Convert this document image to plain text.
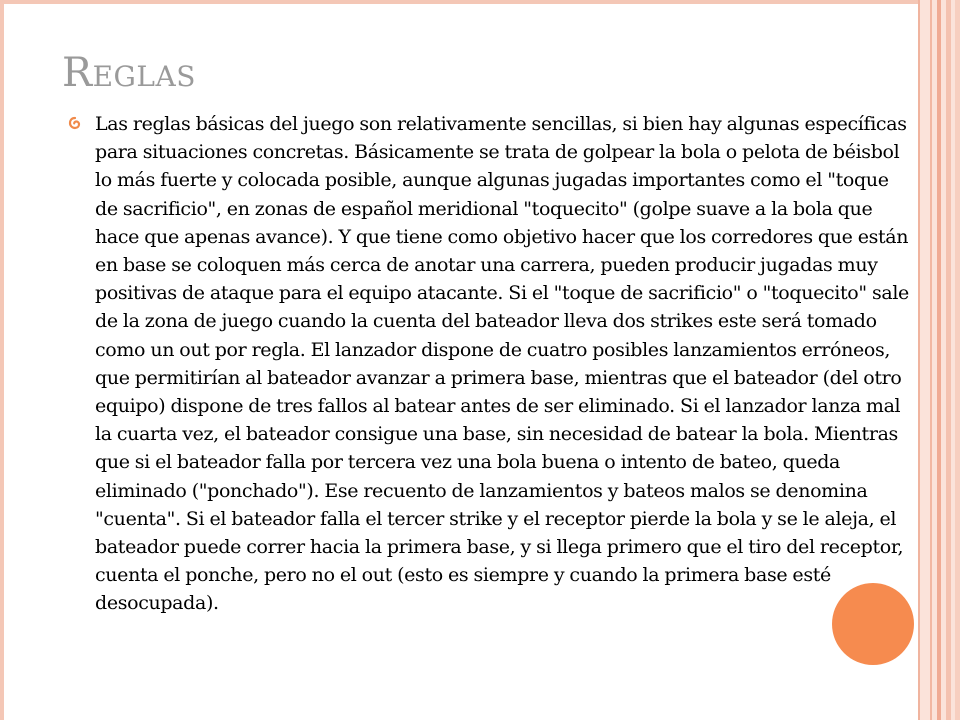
Reglas

Las reglas básicas del juego son relativamente sencillas, si bien hay algunas específicas para situaciones concretas. Básicamente se trata de golpear la bola o pelota de béisbol lo más fuerte y colocada posible, aunque algunas jugadas importantes como el "toque de sacrificio", en zonas de español meridional "toquecito" (golpe suave a la bola que hace que apenas avance). Y que tiene como objetivo hacer que los corredores que están en base se coloquen más cerca de anotar una carrera, pueden producir jugadas muy positivas de ataque para el equipo atacante. Si el "toque de sacrificio" o "toquecito" sale de la zona de juego cuando la cuenta del bateador lleva dos strikes este será tomado como un out por regla. El lanzador dispone de cuatro posibles lanzamientos erróneos, que permitirían al bateador avanzar a primera base, mientras que el bateador (del otro equipo) dispone de tres fallos al batear antes de ser eliminado. Si el lanzador lanza mal la cuarta vez, el bateador consigue una base, sin necesidad de batear la bola. Mientras que si el bateador falla por tercera vez una bola buena o intento de bateo, queda eliminado ("ponchado"). Ese recuento de lanzamientos y bateos malos se denomina "cuenta". Si el bateador falla el tercer strike y el receptor pierde la bola y se le aleja, el bateador puede correr hacia la primera base, y si llega primero que el tiro del receptor, cuenta el ponche, pero no el out (esto es siempre y cuando la primera base esté desocupada).
